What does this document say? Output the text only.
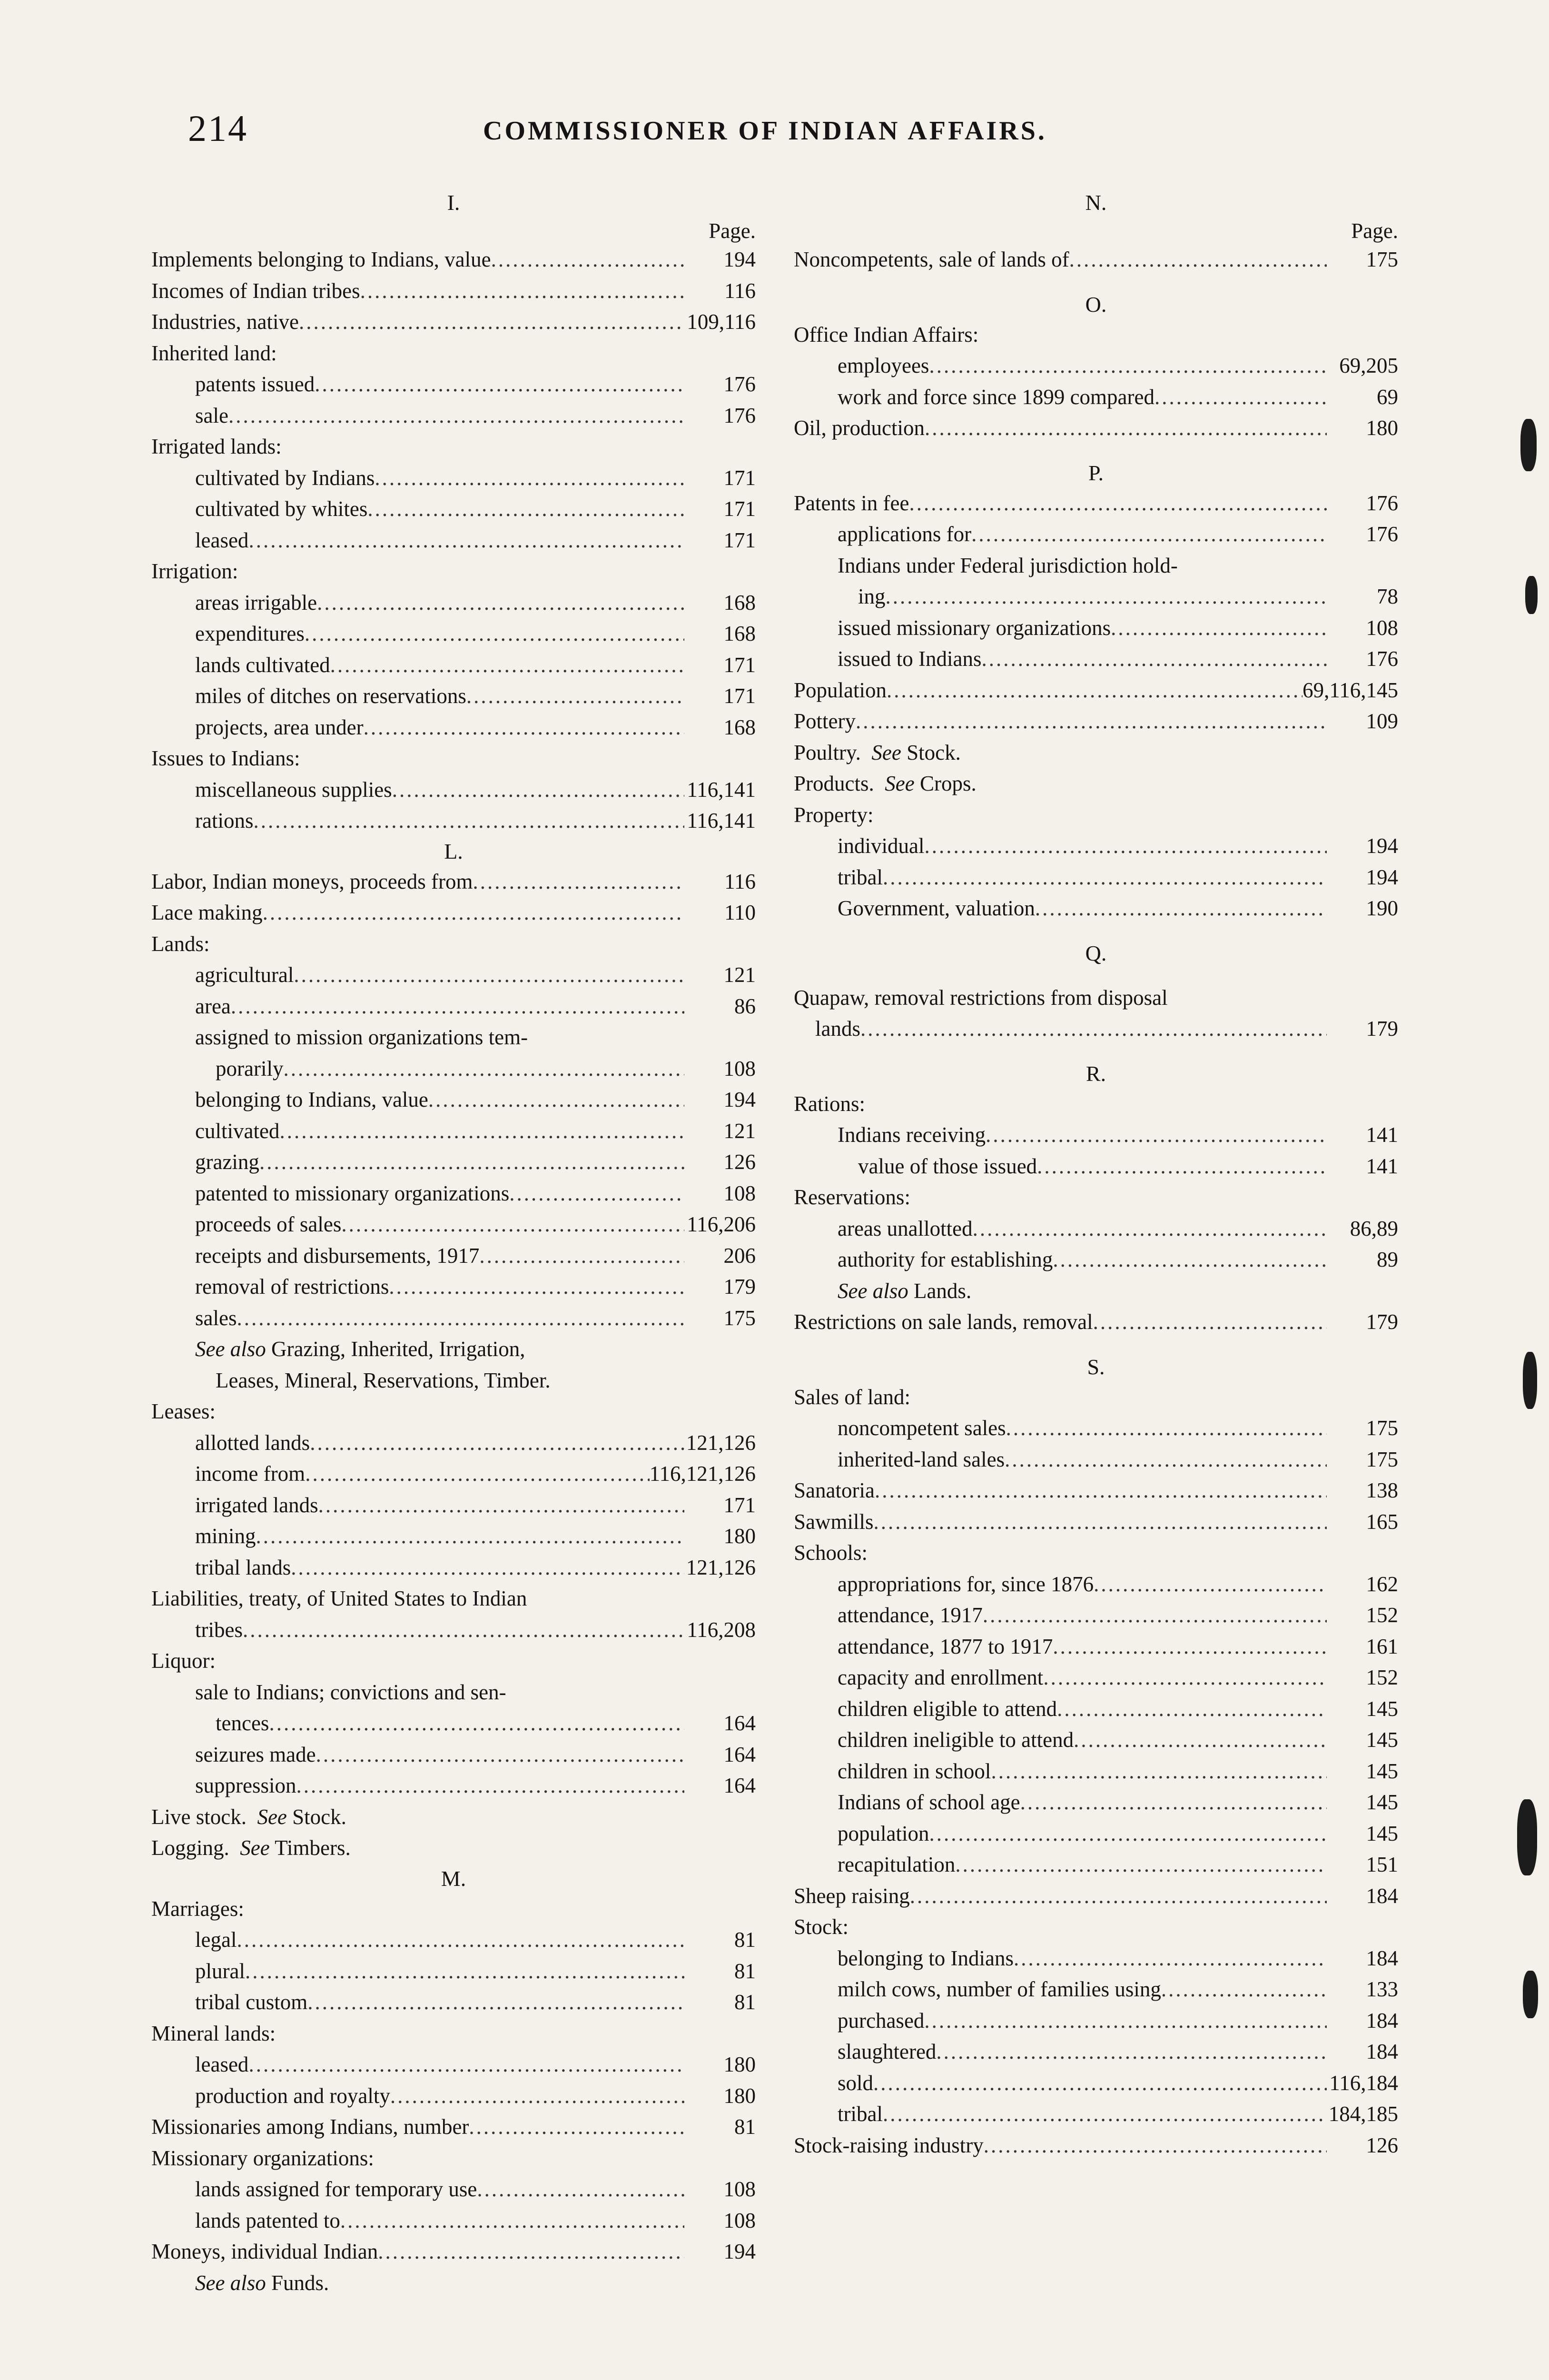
214	COMMISSIONER OF INDIAN AFFAIRS.
I.
Page.
Implements belonging to Indians, value .....	194
Incomes of Indian tribes .....	116
Industries, native .....	109,116
Inherited land:
patents issued .....	176
sale .....	176
Irrigated lands:
cultivated by Indians .....	171
cultivated by whites .....	171
leased .....	171
Irrigation:
areas irrigable .....	168
expenditures .....	168
lands cultivated .....	171
miles of ditches on reservations .....	171
projects, area under .....	168
Issues to Indians:
miscellaneous supplies .....	116,141
rations .....	116,141
L.
Labor, Indian moneys, proceeds from .....	116
Lace making .....	110
Lands:
agricultural .....	121
area .....	86
assigned to mission organizations tem-
porarily .....	108
belonging to Indians, value .....	194
cultivated .....	121
grazing .....	126
patented to missionary organizations .....	108
proceeds of sales .....	116,206
receipts and disbursements, 1917 .....	206
removal of restrictions .....	179
sales .....	175
See also Grazing, Inherited, Irrigation,
Leases, Mineral, Reservations, Timber.
Leases:
allotted lands .....	121,126
income from .....	116,121,126
irrigated lands .....	171
mining .....	180
tribal lands .....	121,126
Liabilities, treaty, of United States to Indian
tribes .....	116,208
Liquor:
sale to Indians; convictions and sen-
tences .....	164
seizures made .....	164
suppression .....	164
Live stock. See Stock.
Logging. See Timbers.
M.
Marriages:
legal .....	81
plural .....	81
tribal custom .....	81
Mineral lands:
leased .....	180
production and royalty .....	180
Missionaries among Indians, number .....	81
Missionary organizations:
lands assigned for temporary use .....	108
lands patented to .....	108
Moneys, individual Indian .....	194
See also Funds.
N.
Page.
Noncompetents, sale of lands of .....	175
O.
Office Indian Affairs:
employees .....	69,205
work and force since 1899 compared .....	69
Oil, production .....	180
P.
Patents in fee .....	176
applications for .....	176
Indians under Federal jurisdiction hold-
ing .....	78
issued missionary organizations .....	108
issued to Indians .....	176
Population .....	69,116,145
Pottery .....	109
Poultry. See Stock.
Products. See Crops.
Property:
individual .....	194
tribal .....	194
Government, valuation .....	190
Q.
Quapaw, removal restrictions from disposal
lands .....	179
R.
Rations:
Indians receiving .....	141
value of those issued .....	141
Reservations:
areas unallotted .....	86,89
authority for establishing .....	89
See also Lands.
Restrictions on sale lands, removal .....	179
S.
Sales of land:
noncompetent sales .....	175
inherited-land sales .....	175
Sanatoria .....	138
Sawmills .....	165
Schools:
appropriations for, since 1876 .....	162
attendance, 1917 .....	152
attendance, 1877 to 1917 .....	161
capacity and enrollment .....	152
children eligible to attend .....	145
children ineligible to attend .....	145
children in school .....	145
Indians of school age .....	145
population .....	145
recapitulation .....	151
Sheep raising .....	184
Stock:
belonging to Indians .....	184
milch cows, number of families using .....	133
purchased .....	184
slaughtered .....	184
sold .....	116,184
tribal .....	184,185
Stock-raising industry .....	126
